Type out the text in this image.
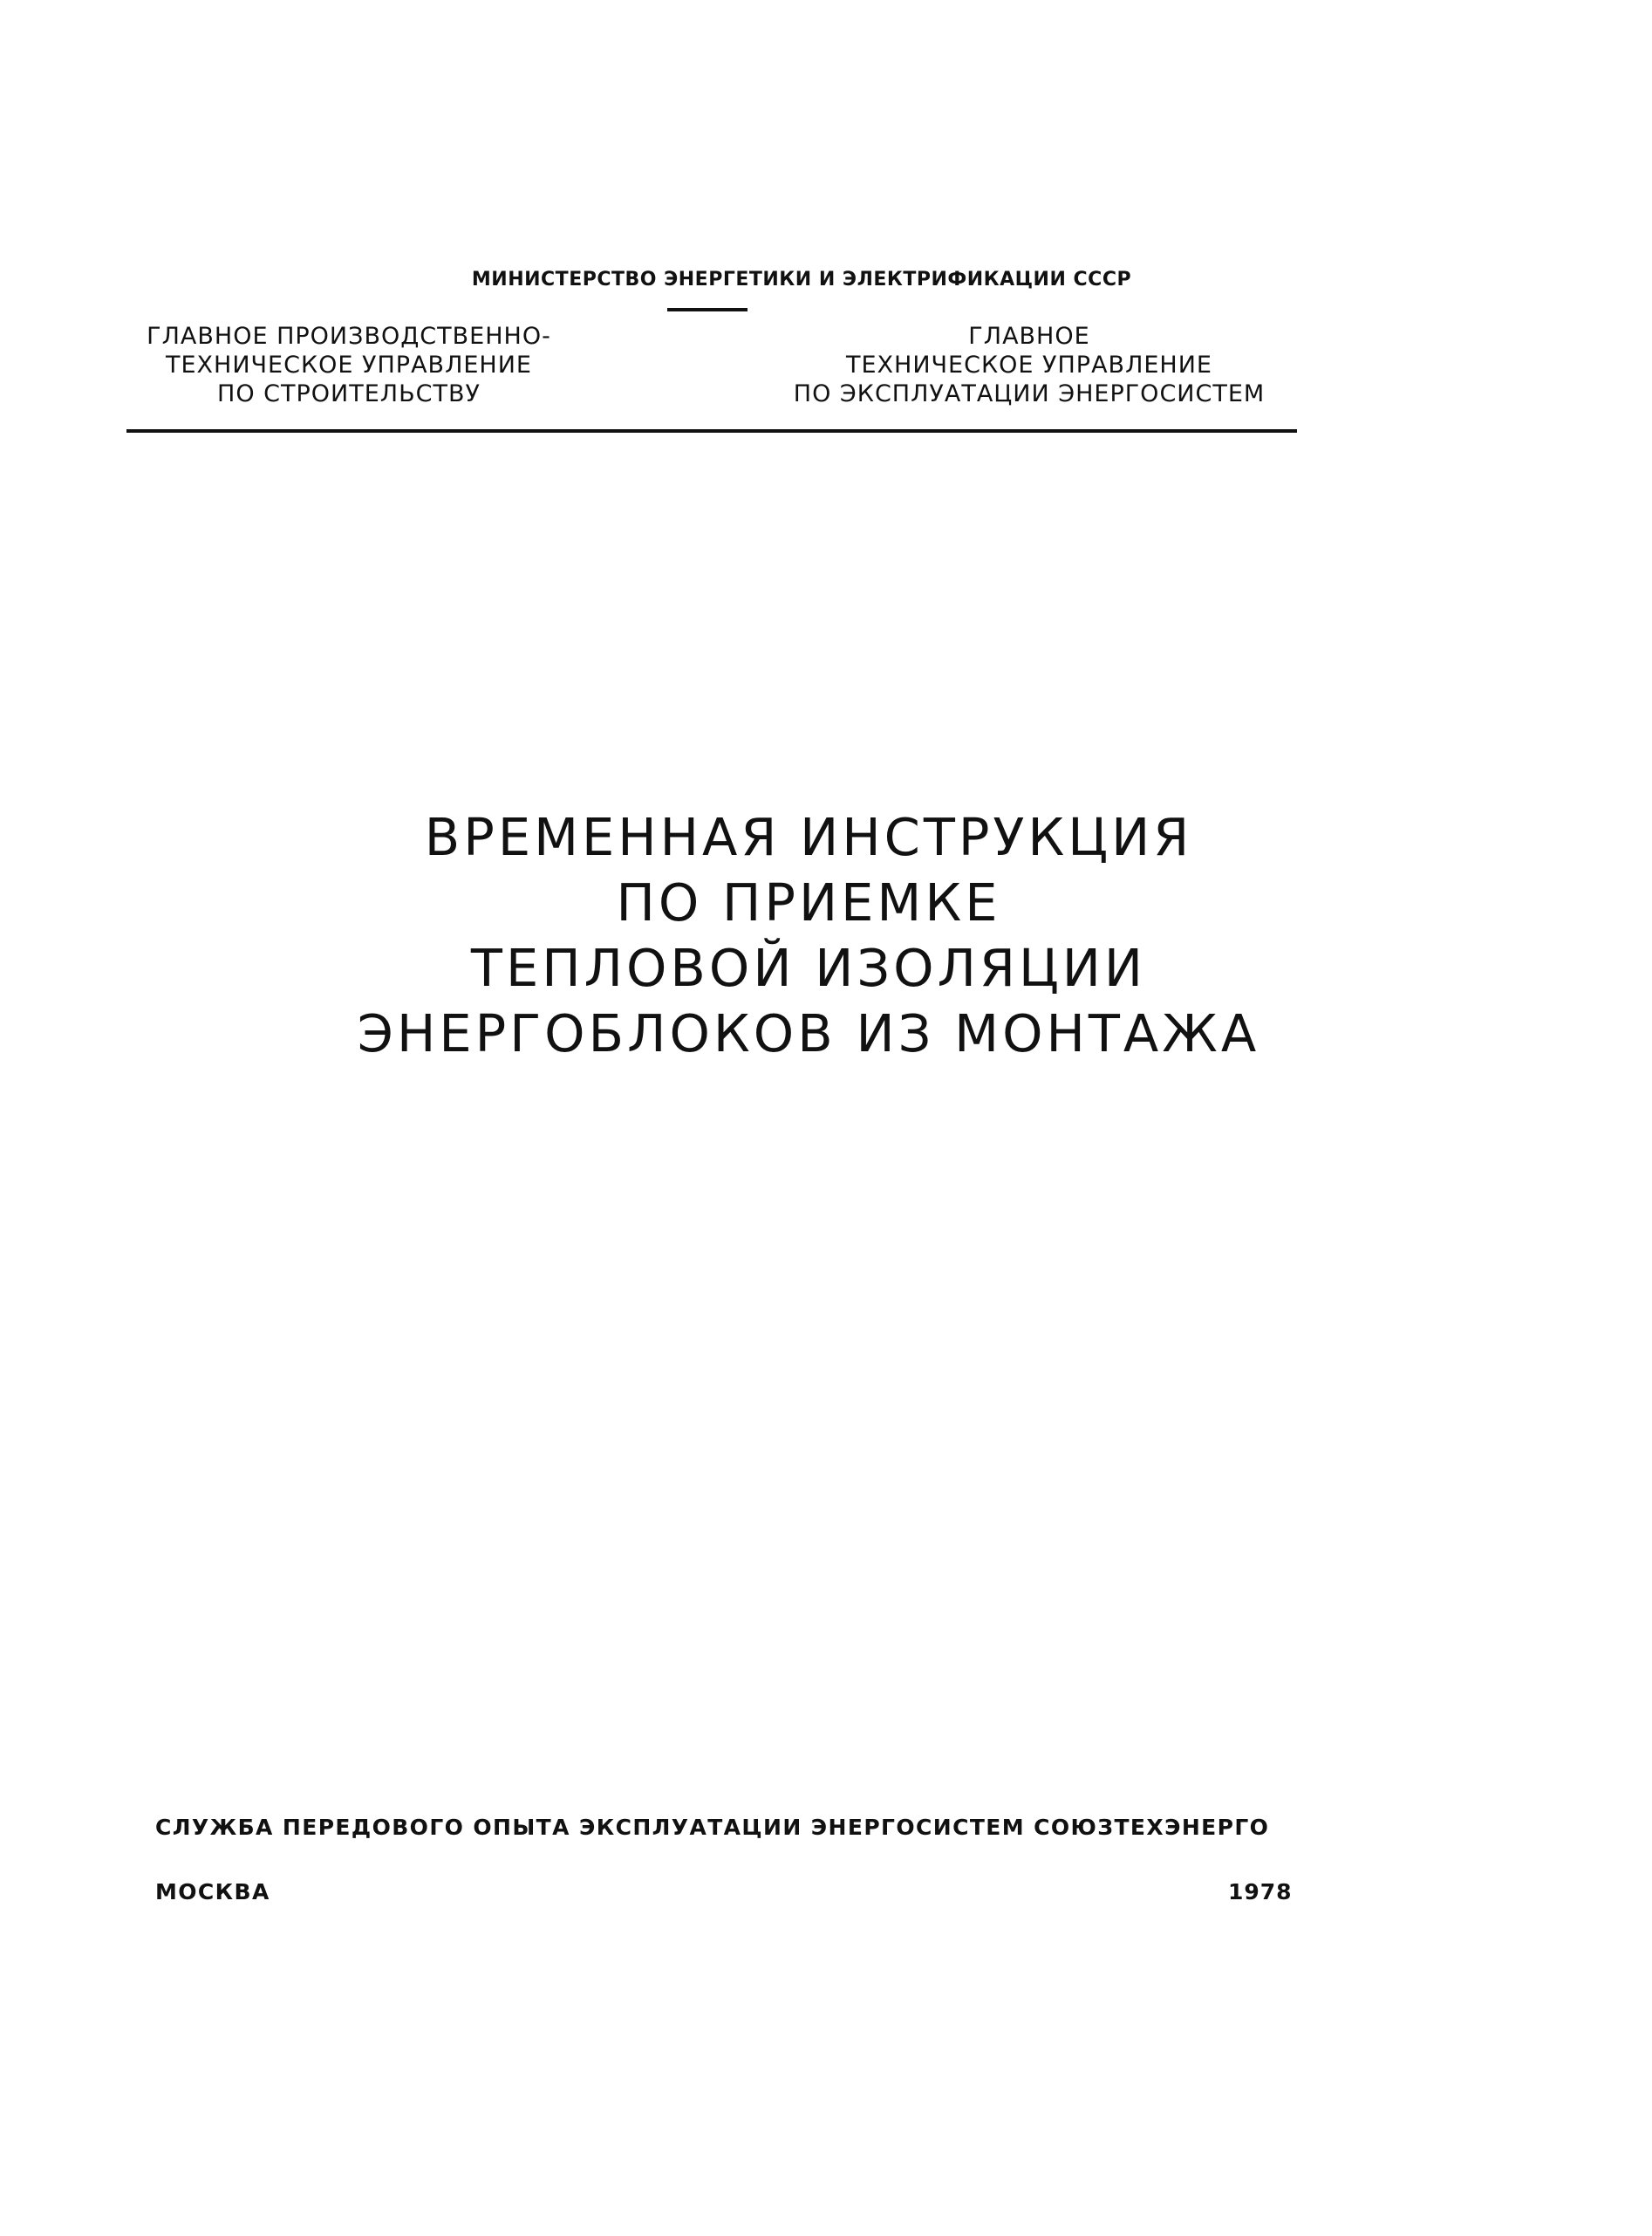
МИНИСТЕРСТВО ЭНЕРГЕТИКИ И ЭЛЕКТРИФИКАЦИИ СССР
ГЛАВНОЕ ПРОИЗВОДСТВЕННО-
ТЕХНИЧЕСКОЕ УПРАВЛЕНИЕ
ПО СТРОИТЕЛЬСТВУ
ГЛАВНОЕ
ТЕХНИЧЕСКОЕ УПРАВЛЕНИЕ
ПО ЭКСПЛУАТАЦИИ ЭНЕРГОСИСТЕМ
ВРЕМЕННАЯ ИНСТРУКЦИЯ
ПО ПРИЕМКЕ
ТЕПЛОВОЙ ИЗОЛЯЦИИ
ЭНЕРГОБЛОКОВ ИЗ МОНТАЖА
СЛУЖБА ПЕРЕДОВОГО ОПЫТА ЭКСПЛУАТАЦИИ ЭНЕРГОСИСТЕМ СОЮЗТЕХЭНЕРГО
МОСКВА	1978
